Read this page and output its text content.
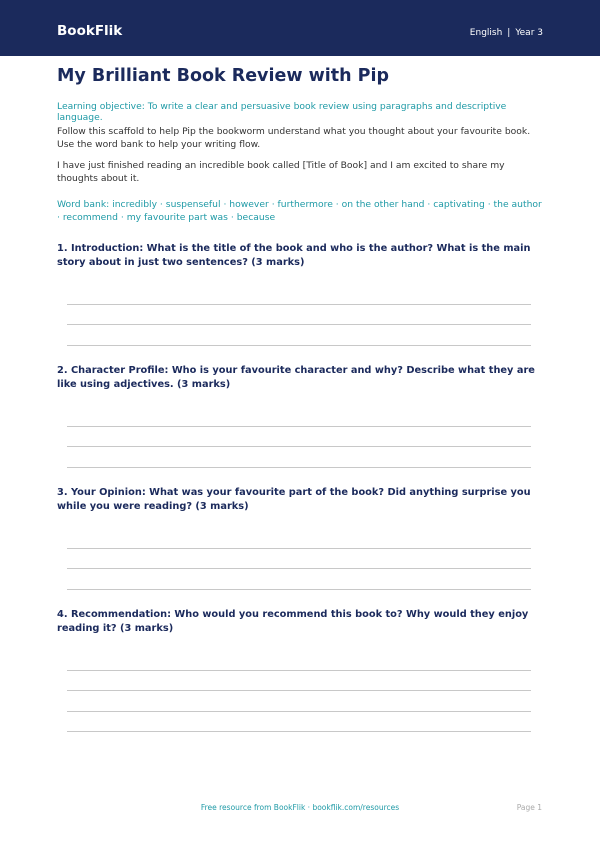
BookFlik	English | Year 3
My Brilliant Book Review with Pip

Learning objective: To write a clear and persuasive book review using paragraphs and descriptive language.

Follow this scaffold to help Pip the bookworm understand what you thought about your favourite book. Use the word bank to help your writing flow.

I have just finished reading an incredible book called [Title of Book] and I am excited to share my thoughts about it.

Word bank: incredibly · suspenseful · however · furthermore · on the other hand · captivating · the author · recommend · my favourite part was · because

1. Introduction: What is the title of the book and who is the author? What is the main story about in just two sentences? (3 marks)

2. Character Profile: Who is your favourite character and why? Describe what they are like using adjectives. (3 marks)

3. Your Opinion: What was your favourite part of the book? Did anything surprise you while you were reading? (3 marks)

4. Recommendation: Who would you recommend this book to? Why would they enjoy reading it? (3 marks)

Free resource from BookFlik · bookflik.com/resources	Page 1
